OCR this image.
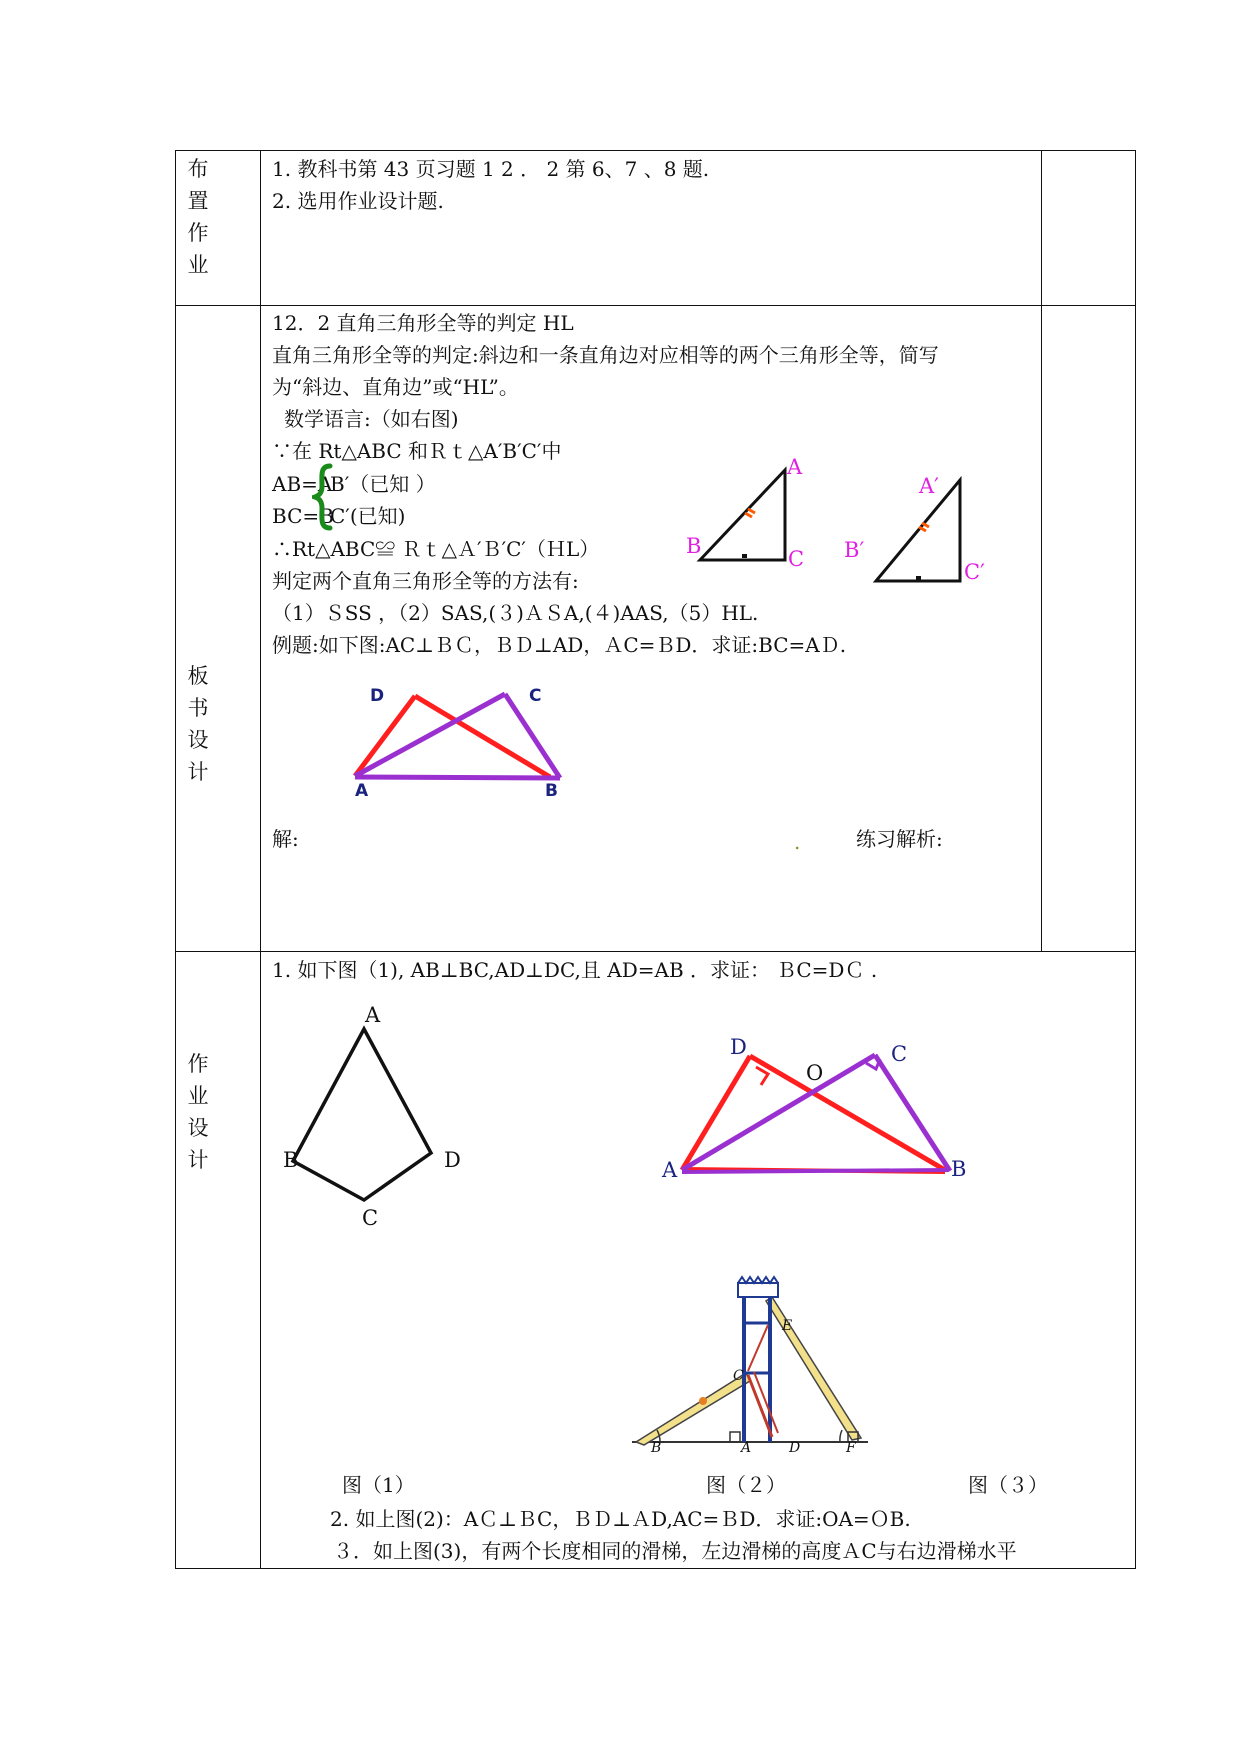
布
置作
业
1. 教科书第 43 页习题 1 2 ． 2 第 6、7 、8 题.
2. 选用作业设计题.
板
书
设
计
12．2 直角三角形全等的判定 HL
直角三角形全等的判定:斜边和一条直角边对应相等的两个三角形全等，简写
为“斜边、直角边”或“HL”。
数学语言:（如右图)
∵在 Rt△ABC 和Ｒｔ△A′B′C′中
AB=A
B′（已知 ）
BC=B
C′(已知)
∴Rt△ABC≌ Ｒｔ△Ａ′Ｂ′C′（ＨL）
判定两个直角三角形全等的方法有:
（1）ＳSS ，（2）SAS,(３)ＡＳA,(４)AAS,（5）HL.
例题:如下图:AC⊥ＢＣ，ＢＤ⊥AD，ＡC=ＢD．求证:BC=AＤ.
A
B
C
A′
B′
C′
D	C
A	B
解:	.	练习解析:
作
业
设
计
1. 如下图（1), AB⊥BC,AD⊥DC,且 AD=AB ．求证： ＢC=DＣ .
A
B
C
D
D	C
O
A	B
B	A	D	F
C
E
图（1）	图（２）	图（３）
2. 如上图(2)：AＣ⊥ＢC，ＢＤ⊥ＡD,AC=ＢD．求证:OA=ＯB.
３．如上图(3)，有两个长度相同的滑梯，左边滑梯的高度ＡC与右边滑梯水平
